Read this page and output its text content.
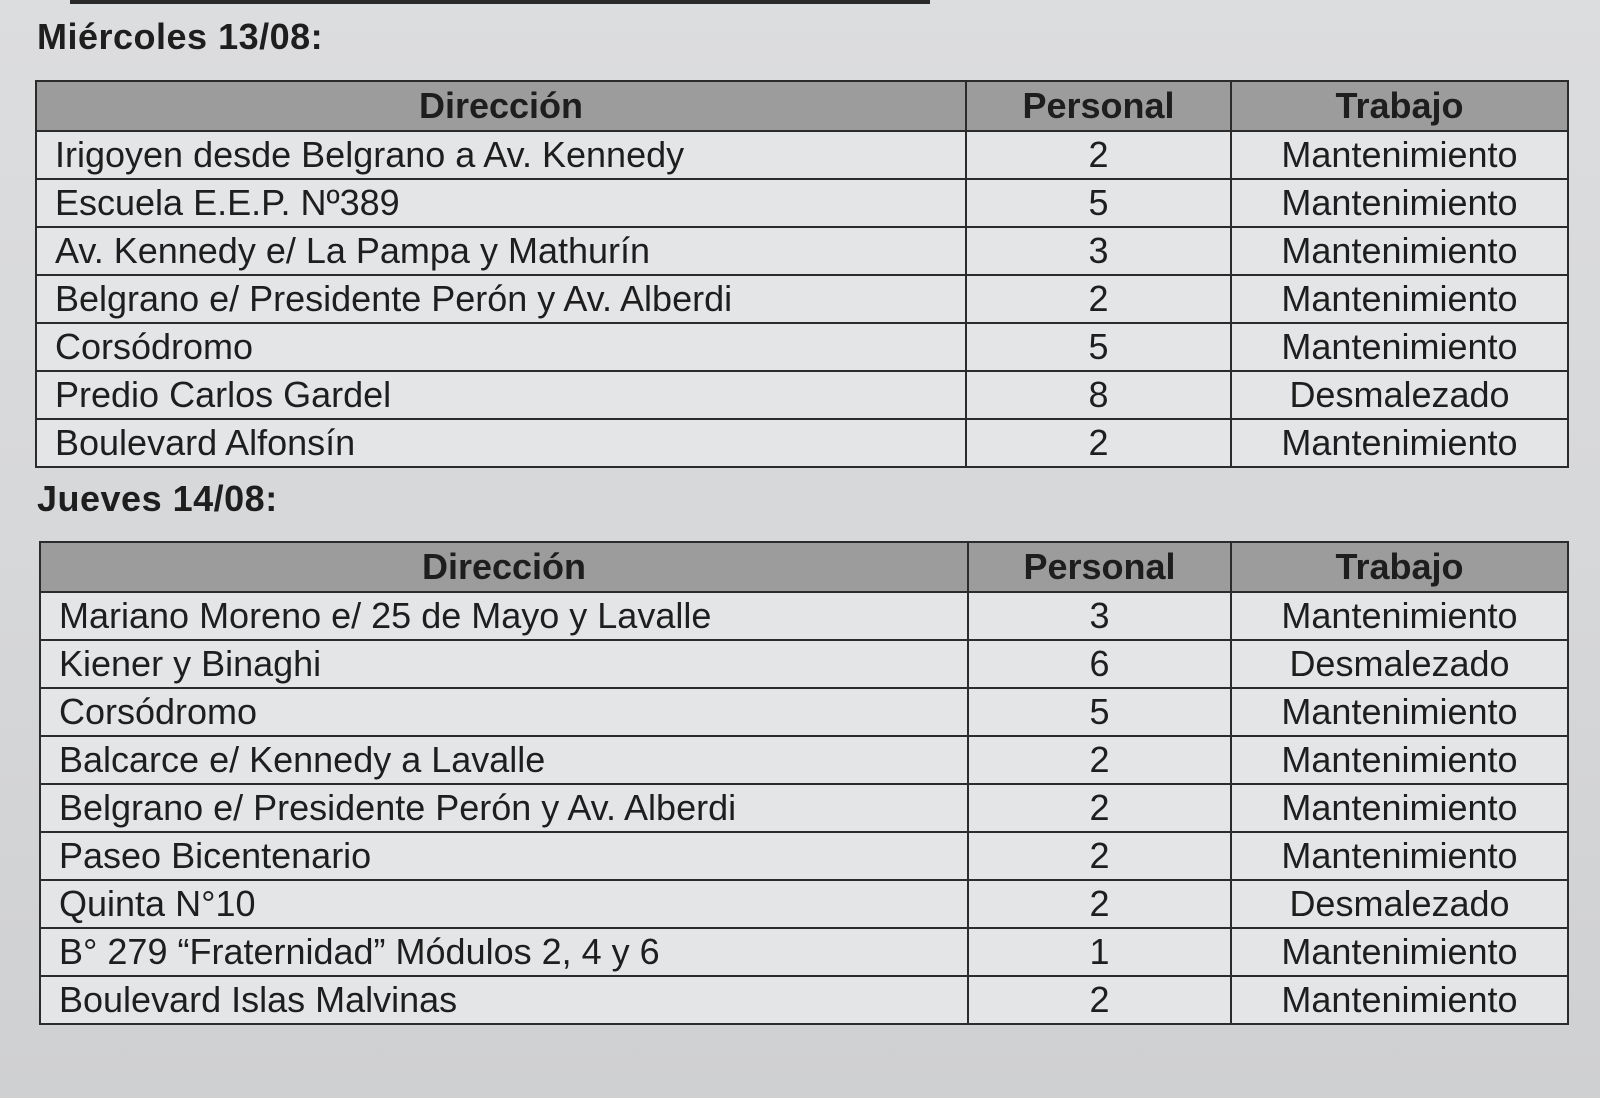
Miércoles 13/08:
Dirección	Personal	Trabajo
Irigoyen desde Belgrano a Av. Kennedy	2	Mantenimiento
Escuela E.E.P. Nº389	5	Mantenimiento
Av. Kennedy e/ La Pampa y Mathurín	3	Mantenimiento
Belgrano e/ Presidente Perón y Av. Alberdi	2	Mantenimiento
Corsódromo	5	Mantenimiento
Predio Carlos Gardel	8	Desmalezado
Boulevard Alfonsín	2	Mantenimiento
Jueves 14/08:
Dirección	Personal	Trabajo
Mariano Moreno e/ 25 de Mayo y Lavalle	3	Mantenimiento
Kiener y Binaghi	6	Desmalezado
Corsódromo	5	Mantenimiento
Balcarce e/ Kennedy a Lavalle	2	Mantenimiento
Belgrano e/ Presidente Perón y Av. Alberdi	2	Mantenimiento
Paseo Bicentenario	2	Mantenimiento
Quinta N°10	2	Desmalezado
B° 279 “Fraternidad” Módulos 2, 4 y 6	1	Mantenimiento
Boulevard Islas Malvinas	2	Mantenimiento
